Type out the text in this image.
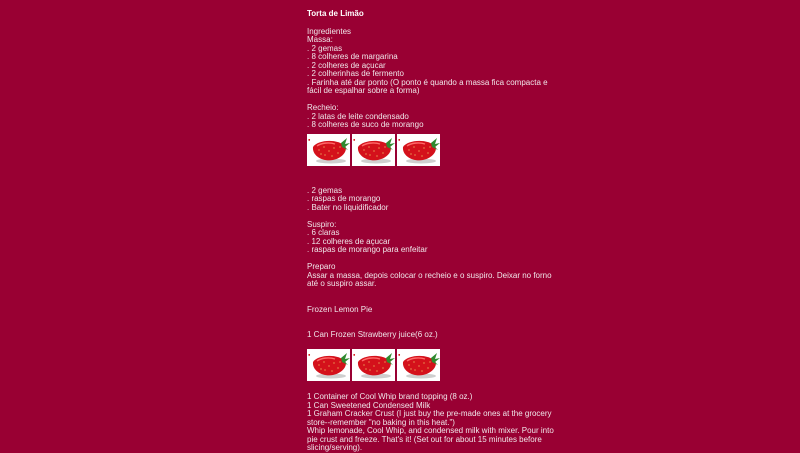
Torta de Limão
Ingredientes
Massa:
. 2 gemas
. 8 colheres de margarina
. 2 colheres de açucar
. 2 colherinhas de fermento
. Farinha até dar ponto (O ponto é quando a massa fica compacta e fácil de espalhar sobre a forma)
Recheio:
. 2 latas de leite condensado
. 8 colheres de suco de morango
●	●	●
. 2 gemas
. raspas de morango
. Bater no liquidificador
Suspiro:
. 6 claras
. 12 colheres de açucar
. raspas de morango para enfeitar
Preparo
Assar a massa, depois colocar o recheio e o suspiro. Deixar no forno até o suspiro assar.
Frozen Lemon Pie
1 Can Frozen Strawberry juice(6 oz.)
●	●	●
1 Container of Cool Whip brand topping (8 oz.)
1 Can Sweetened Condensed Milk
1 Graham Cracker Crust (I just buy the pre-made ones at the grocery store--remember "no baking in this heat.")
Whip lemonade, Cool Whip, and condensed milk with mixer. Pour into pie crust and freeze. That's it! (Set out for about 15 minutes before slicing/serving).
